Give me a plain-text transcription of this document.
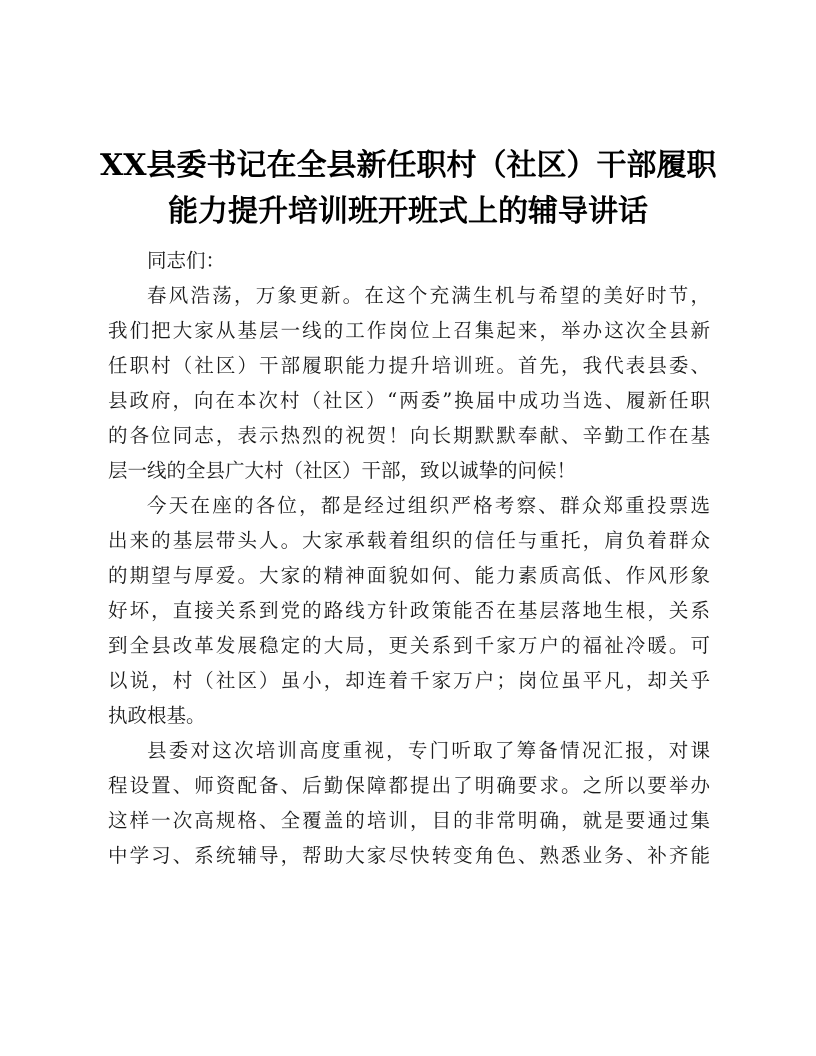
XX县委书记在全县新任职村（社区）干部履职
能力提升培训班开班式上的辅导讲话
同志们：
春风浩荡，万象更新。在这个充满生机与希望的美好时节，
我们把大家从基层一线的工作岗位上召集起来，举办这次全县新
任职村（社区）干部履职能力提升培训班。首先，我代表县委、
县政府，向在本次村（社区）“两委”换届中成功当选、履新任职
的各位同志，表示热烈的祝贺！向长期默默奉献、辛勤工作在基
层一线的全县广大村（社区）干部，致以诚挚的问候！
今天在座的各位，都是经过组织严格考察、群众郑重投票选
出来的基层带头人。大家承载着组织的信任与重托，肩负着群众
的期望与厚爱。大家的精神面貌如何、能力素质高低、作风形象
好坏，直接关系到党的路线方针政策能否在基层落地生根，关系
到全县改革发展稳定的大局，更关系到千家万户的福祉冷暖。可
以说，村（社区）虽小，却连着千家万户；岗位虽平凡，却关乎
执政根基。
县委对这次培训高度重视，专门听取了筹备情况汇报，对课
程设置、师资配备、后勤保障都提出了明确要求。之所以要举办
这样一次高规格、全覆盖的培训，目的非常明确，就是要通过集
中学习、系统辅导，帮助大家尽快转变角色、熟悉业务、补齐能
